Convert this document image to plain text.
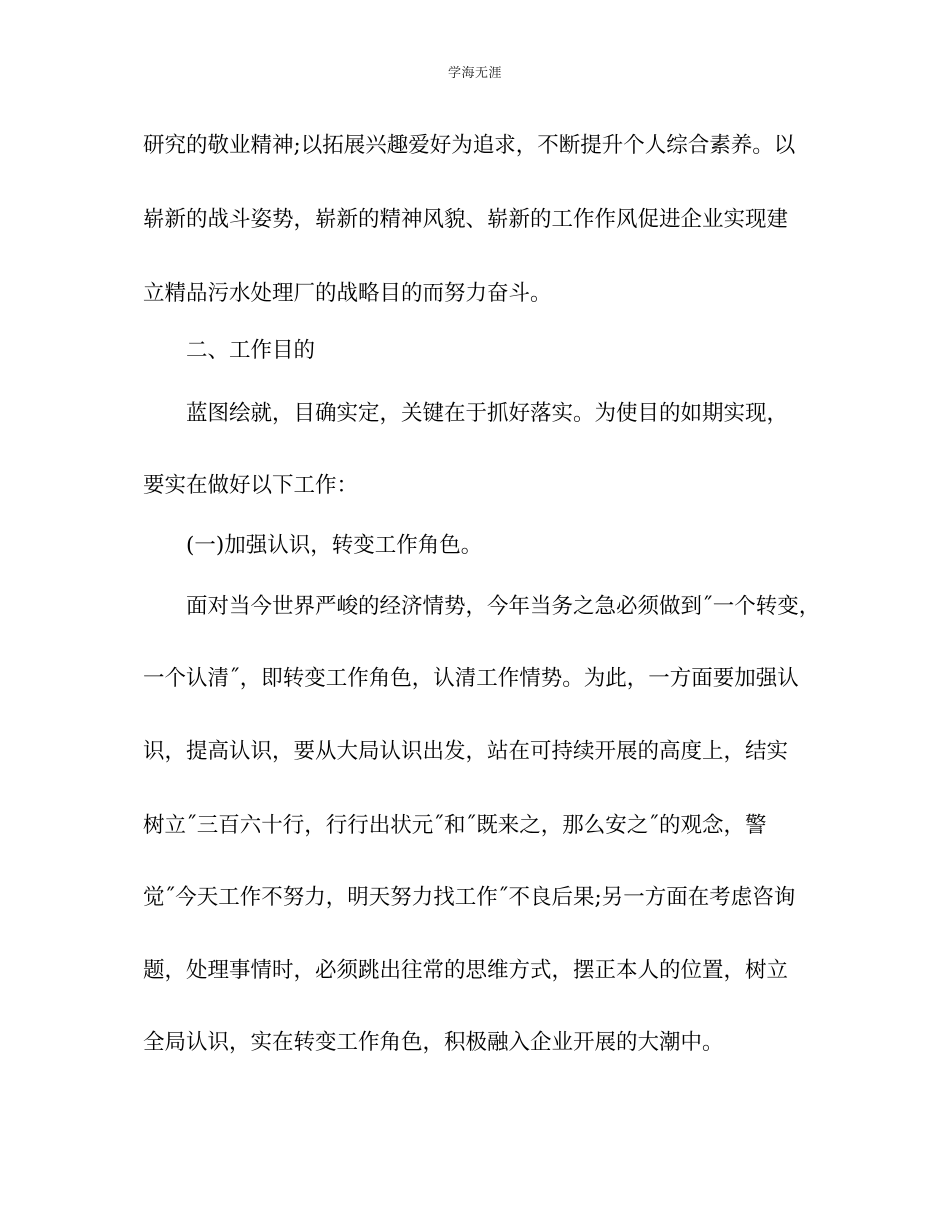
学海无涯
研究的敬业精神;以拓展兴趣爱好为追求，不断提升个人综合素养。以
崭新的战斗姿势，崭新的精神风貌、崭新的工作作风促进企业实现建
立精品污水处理厂的战略目的而努力奋斗。
二、工作目的
蓝图绘就，目确实定，关键在于抓好落实。为使目的如期实现，
要实在做好以下工作：
(一)加强认识，转变工作角色。
面对当今世界严峻的经济情势，今年当务之急必须做到˝一个转变，
一个认清˝，即转变工作角色，认清工作情势。为此，一方面要加强认
识，提高认识，要从大局认识出发，站在可持续开展的高度上，结实
树立˝三百六十行，行行出状元˝和˝既来之，那么安之˝的观念，警
觉˝今天工作不努力，明天努力找工作˝不良后果;另一方面在考虑咨询
题，处理事情时，必须跳出往常的思维方式，摆正本人的位置，树立
全局认识，实在转变工作角色，积极融入企业开展的大潮中。
